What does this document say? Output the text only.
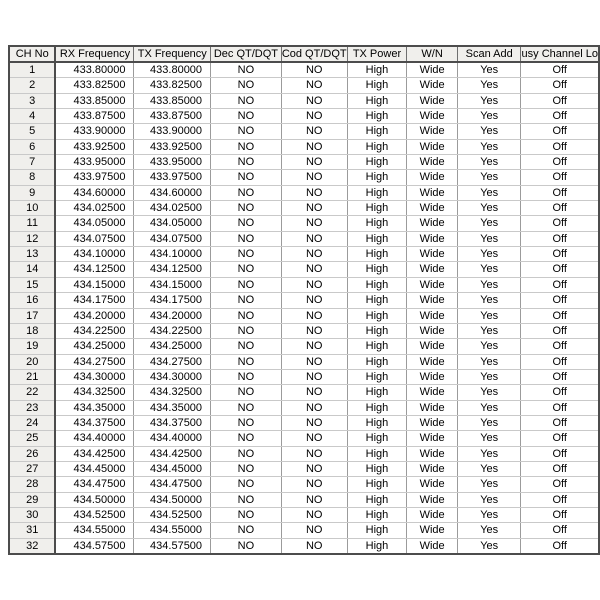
CH No	RX Frequency	TX Frequency	Dec QT/DQT	Cod QT/DQT	TX Power	W/N	Scan Add	usy Channel Lo
1	433.80000	433.80000	NO	NO	High	Wide	Yes	Off
2	433.82500	433.82500	NO	NO	High	Wide	Yes	Off
3	433.85000	433.85000	NO	NO	High	Wide	Yes	Off
4	433.87500	433.87500	NO	NO	High	Wide	Yes	Off
5	433.90000	433.90000	NO	NO	High	Wide	Yes	Off
6	433.92500	433.92500	NO	NO	High	Wide	Yes	Off
7	433.95000	433.95000	NO	NO	High	Wide	Yes	Off
8	433.97500	433.97500	NO	NO	High	Wide	Yes	Off
9	434.60000	434.60000	NO	NO	High	Wide	Yes	Off
10	434.02500	434.02500	NO	NO	High	Wide	Yes	Off
11	434.05000	434.05000	NO	NO	High	Wide	Yes	Off
12	434.07500	434.07500	NO	NO	High	Wide	Yes	Off
13	434.10000	434.10000	NO	NO	High	Wide	Yes	Off
14	434.12500	434.12500	NO	NO	High	Wide	Yes	Off
15	434.15000	434.15000	NO	NO	High	Wide	Yes	Off
16	434.17500	434.17500	NO	NO	High	Wide	Yes	Off
17	434.20000	434.20000	NO	NO	High	Wide	Yes	Off
18	434.22500	434.22500	NO	NO	High	Wide	Yes	Off
19	434.25000	434.25000	NO	NO	High	Wide	Yes	Off
20	434.27500	434.27500	NO	NO	High	Wide	Yes	Off
21	434.30000	434.30000	NO	NO	High	Wide	Yes	Off
22	434.32500	434.32500	NO	NO	High	Wide	Yes	Off
23	434.35000	434.35000	NO	NO	High	Wide	Yes	Off
24	434.37500	434.37500	NO	NO	High	Wide	Yes	Off
25	434.40000	434.40000	NO	NO	High	Wide	Yes	Off
26	434.42500	434.42500	NO	NO	High	Wide	Yes	Off
27	434.45000	434.45000	NO	NO	High	Wide	Yes	Off
28	434.47500	434.47500	NO	NO	High	Wide	Yes	Off
29	434.50000	434.50000	NO	NO	High	Wide	Yes	Off
30	434.52500	434.52500	NO	NO	High	Wide	Yes	Off
31	434.55000	434.55000	NO	NO	High	Wide	Yes	Off
32	434.57500	434.57500	NO	NO	High	Wide	Yes	Off
